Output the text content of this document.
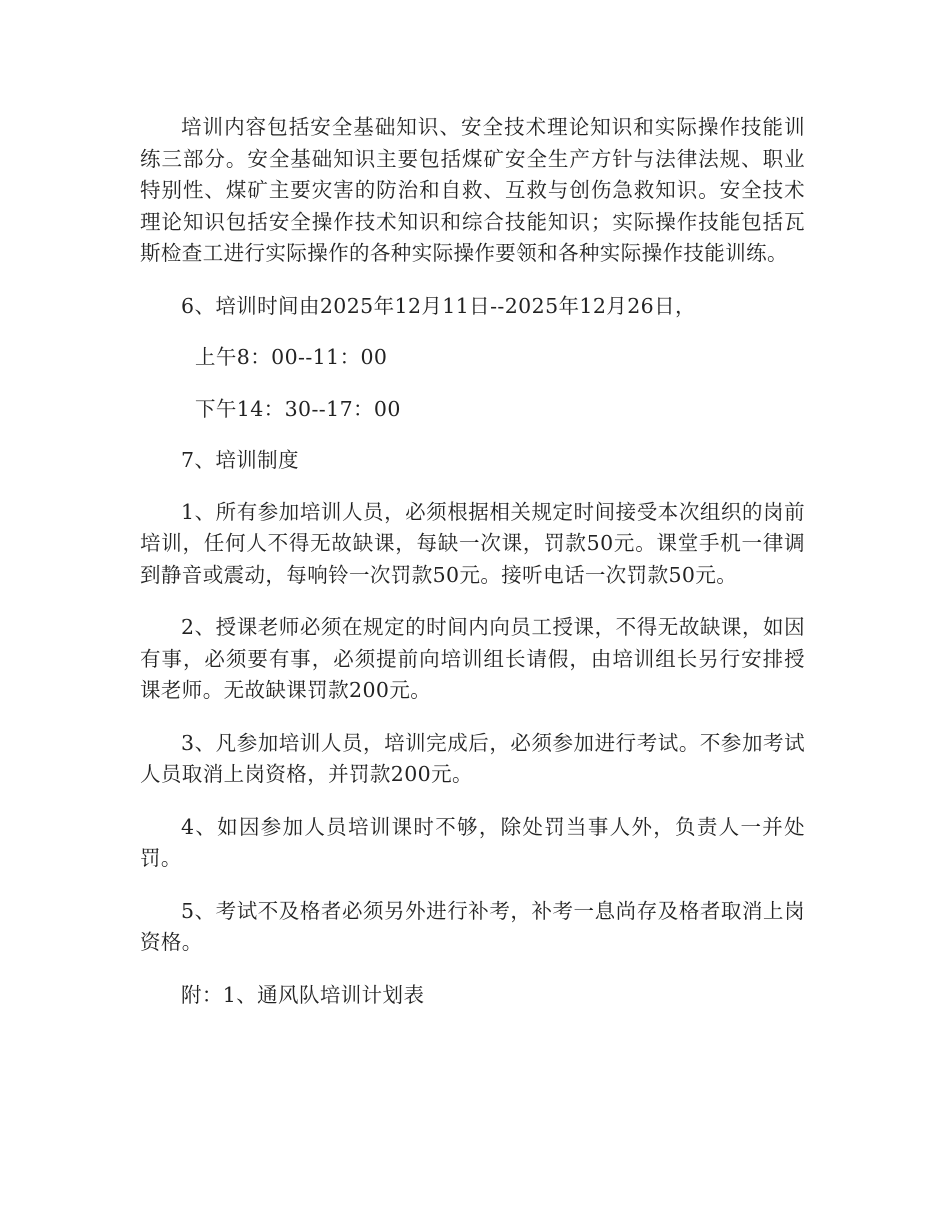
培训内容包括安全基础知识、安全技术理论知识和实际操作技能训练三部分。安全基础知识主要包括煤矿安全生产方针与法律法规、职业特别性、煤矿主要灾害的防治和自救、互救与创伤急救知识。安全技术理论知识包括安全操作技术知识和综合技能知识；实际操作技能包括瓦斯检查工进行实际操作的各种实际操作要领和各种实际操作技能训练。

6、培训时间由2025年12月11日--2025年12月26日，

上午8：00--11：00

下午14：30--17：00

7、培训制度

1、所有参加培训人员，必须根据相关规定时间接受本次组织的岗前培训，任何人不得无故缺课，每缺一次课，罚款50元。课堂手机一律调到静音或震动，每响铃一次罚款50元。接听电话一次罚款50元。

2、授课老师必须在规定的时间内向员工授课，不得无故缺课，如因有事，必须要有事，必须提前向培训组长请假，由培训组长另行安排授课老师。无故缺课罚款200元。

3、凡参加培训人员，培训完成后，必须参加进行考试。不参加考试人员取消上岗资格，并罚款200元。

4、如因参加人员培训课时不够，除处罚当事人外，负责人一并处罚。

5、考试不及格者必须另外进行补考，补考一息尚存及格者取消上岗资格。

附：1、通风队培训计划表
